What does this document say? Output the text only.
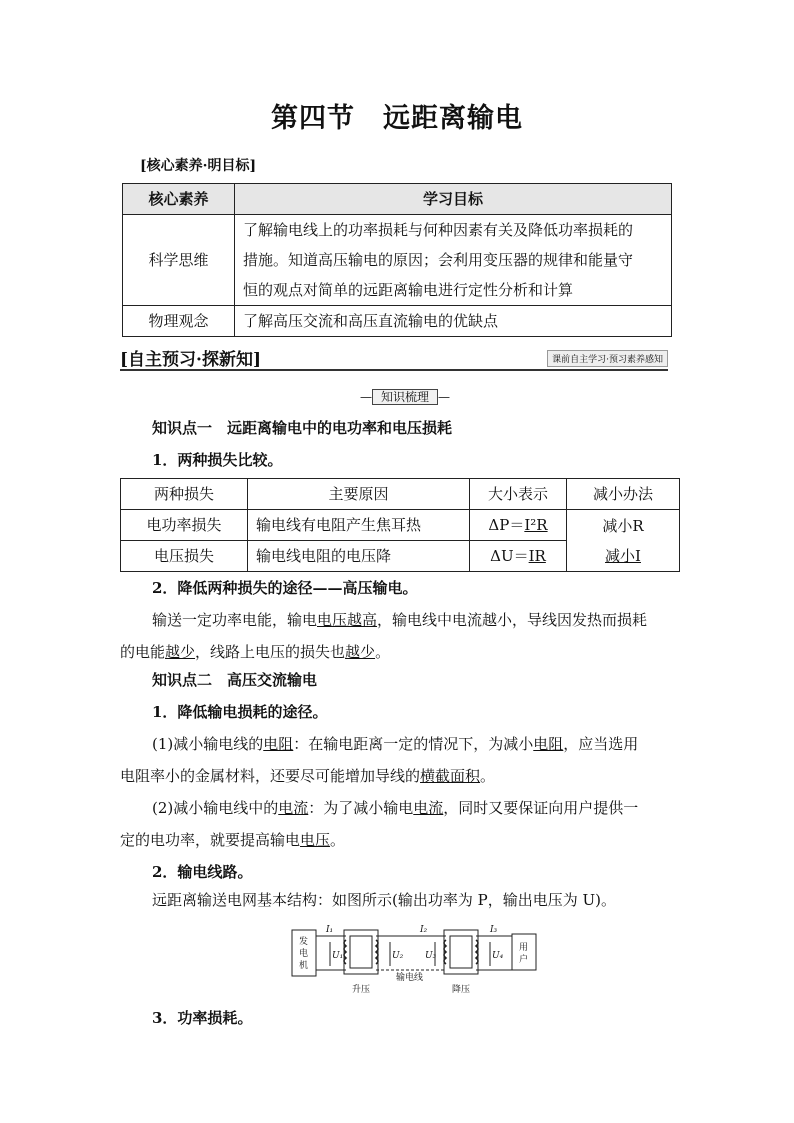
第四节　远距离输电
[核心素养·明目标]
核心素养	学习目标
科学思维	了解输电线上的功率损耗与何种因素有关及降低功率损耗的
措施。知道高压输电的原因；会利用变压器的规律和能量守
恒的观点对简单的远距离输电进行定性分析和计算

物理观念	了解高压交流和高压直流输电的优缺点
[自主预习·探新知]	课前自主学习·预习素养感知
— 知识梳理 —
知识点一　远距离输电中的电功率和电压损耗
1．两种损失比较。
两种损失	主要原因	大小表示	减小办法
电功率损失	输电线有电阻产生焦耳热	ΔP＝I²R	减小R
减小I

电压损失	输电线电阻的电压降	ΔU＝IR	
2．降低两种损失的途径——高压输电。
输送一定功率电能，输电电压越高，输电线中电流越小，导线因发热而损耗
的电能越少，线路上电压的损失也越少。
知识点二　高压交流输电
1．降低输电损耗的途径。
(1)减小输电线的电阻：在输电距离一定的情况下，为减小电阻，应当选用
电阻率小的金属材料，还要尽可能增加导线的横截面积。
(2)减小输电线中的电流：为了减小输电电流，同时又要保证向用户提供一
定的电功率，就要提高输电电压。
2．输电线路。
远距离输送电网基本结构：如图所示(输出功率为 P，输出电压为 U)。
发
电
机
用
户
I₁	I₂	I₃
U₁	U₂ U₃	U₄
输电线
升压	降压
3．功率损耗。
